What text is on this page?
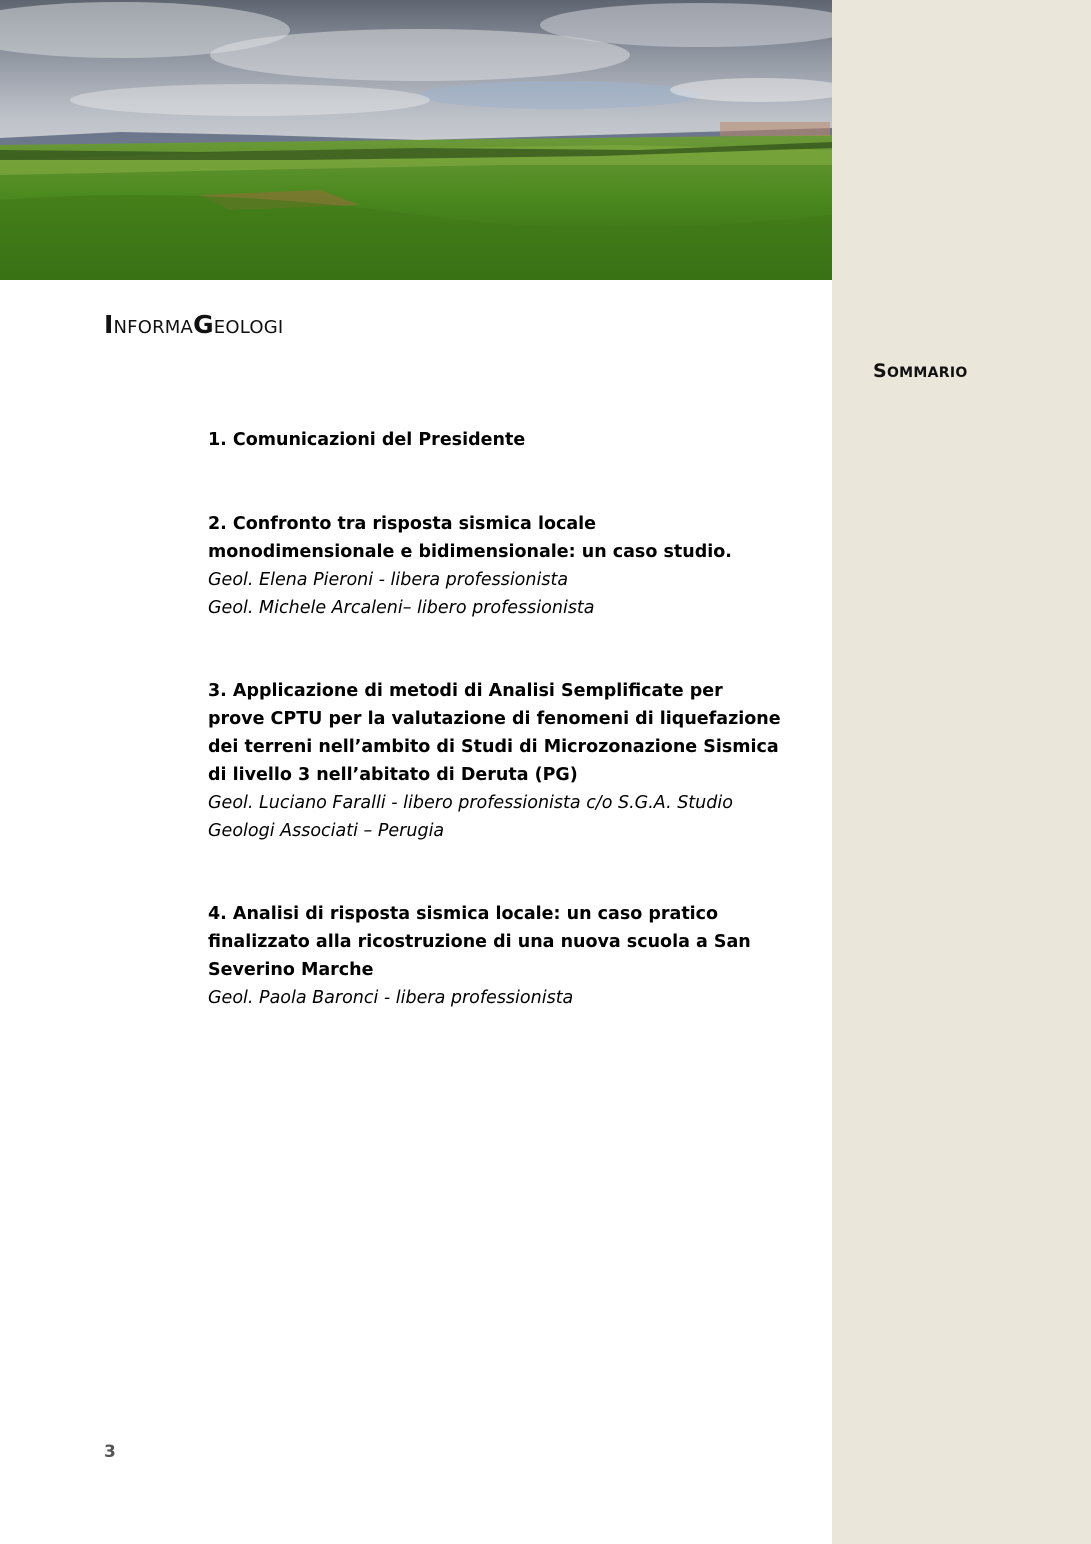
INFORMAGEOLOGI
SOMMARIO
1. Comunicazioni del Presidente
2. Confronto tra risposta sismica locale
monodimensionale e bidimensionale: un caso studio.
Geol. Elena Pieroni - libera professionista
Geol. Michele Arcaleni– libero professionista
3. Applicazione di metodi di Analisi Semplificate per
prove CPTU per la valutazione di fenomeni di liquefazione
dei terreni nell’ambito di Studi di Microzonazione Sismica
di livello 3 nell’abitato di Deruta (PG)
Geol. Luciano Faralli - libero professionista c/o S.G.A. Studio
Geologi Associati – Perugia
4. Analisi di risposta sismica locale: un caso pratico
finalizzato alla ricostruzione di una nuova scuola a San
Severino Marche
Geol. Paola Baronci - libera professionista
3
